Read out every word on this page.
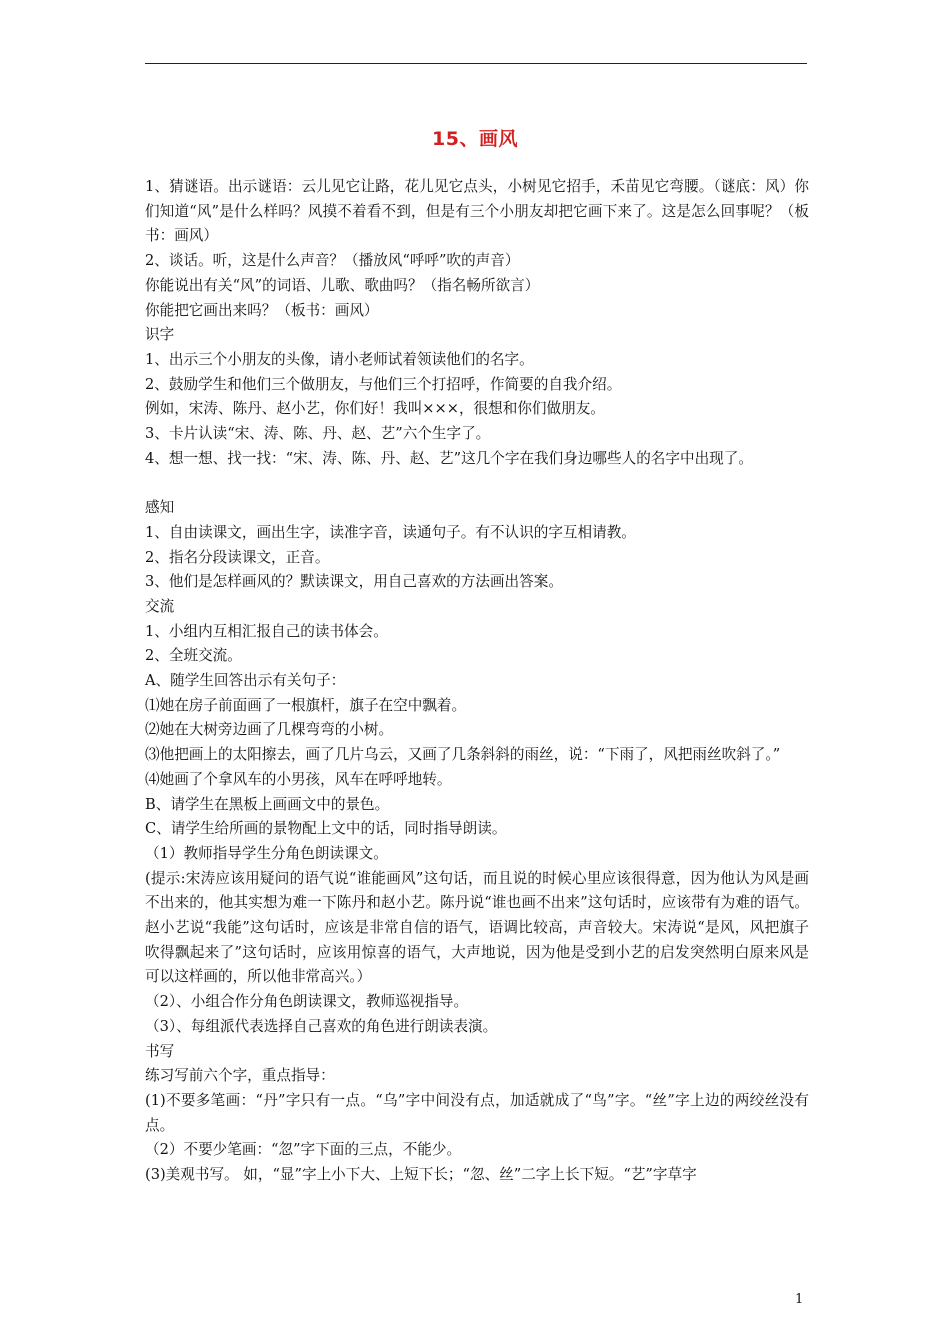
15、画风

1、猜谜语。出示谜语：云儿见它让路，花儿见它点头，小树见它招手，禾苗见它弯腰。（谜底：风）你们知道“风”是什么样吗？风摸不着看不到，但是有三个小朋友却把它画下来了。这是怎么回事呢？（板书：画风）

2、谈话。听，这是什么声音？（播放风“呼呼”吹的声音）

你能说出有关“风”的词语、儿歌、歌曲吗？（指名畅所欲言）

你能把它画出来吗？（板书：画风）

识字

1、出示三个小朋友的头像，请小老师试着领读他们的名字。

2、鼓励学生和他们三个做朋友，与他们三个打招呼，作简要的自我介绍。

例如，宋涛、陈丹、赵小艺，你们好！我叫×××，很想和你们做朋友。

3、卡片认读“宋、涛、陈、丹、赵、艺”六个生字了。

4、想一想、找一找：“宋、涛、陈、丹、赵、艺”这几个字在我们身边哪些人的名字中出现了。

感知

1、自由读课文，画出生字，读准字音，读通句子。有不认识的字互相请教。

2、指名分段读课文，正音。

3、他们是怎样画风的？默读课文，用自己喜欢的方法画出答案。

交流

1、小组内互相汇报自己的读书体会。

2、全班交流。

A、随学生回答出示有关句子：

⑴她在房子前面画了一根旗杆，旗子在空中飘着。

⑵她在大树旁边画了几棵弯弯的小树。

⑶他把画上的太阳擦去，画了几片乌云，又画了几条斜斜的雨丝，说：“下雨了，风把雨丝吹斜了。”

⑷她画了个拿风车的小男孩，风车在呼呼地转。

B、请学生在黑板上画画文中的景色。

C、请学生给所画的景物配上文中的话，同时指导朗读。

（1）教师指导学生分角色朗读课文。

(提示:宋涛应该用疑问的语气说“谁能画风”这句话，而且说的时候心里应该很得意，因为他认为风是画不出来的，他其实想为难一下陈丹和赵小艺。陈丹说“谁也画不出来”这句话时，应该带有为难的语气。赵小艺说“我能”这句话时，应该是非常自信的语气，语调比较高，声音较大。宋涛说“是风，风把旗子吹得飘起来了”这句话时，应该用惊喜的语气，大声地说，因为他是受到小艺的启发突然明白原来风是可以这样画的，所以他非常高兴。）

（2）、小组合作分角色朗读课文，教师巡视指导。

（3）、每组派代表选择自己喜欢的角色进行朗读表演。

书写

练习写前六个字，重点指导：

(1)不要多笔画：“丹”字只有一点。“乌”字中间没有点，加适就成了“鸟”字。“丝”字上边的两绞丝没有点。

（2）不要少笔画：“忽”字下面的三点，不能少。

(3)美观书写。 如，“显”字上小下大、上短下长；“忽、丝”二字上长下短。“艺”字草字

1
